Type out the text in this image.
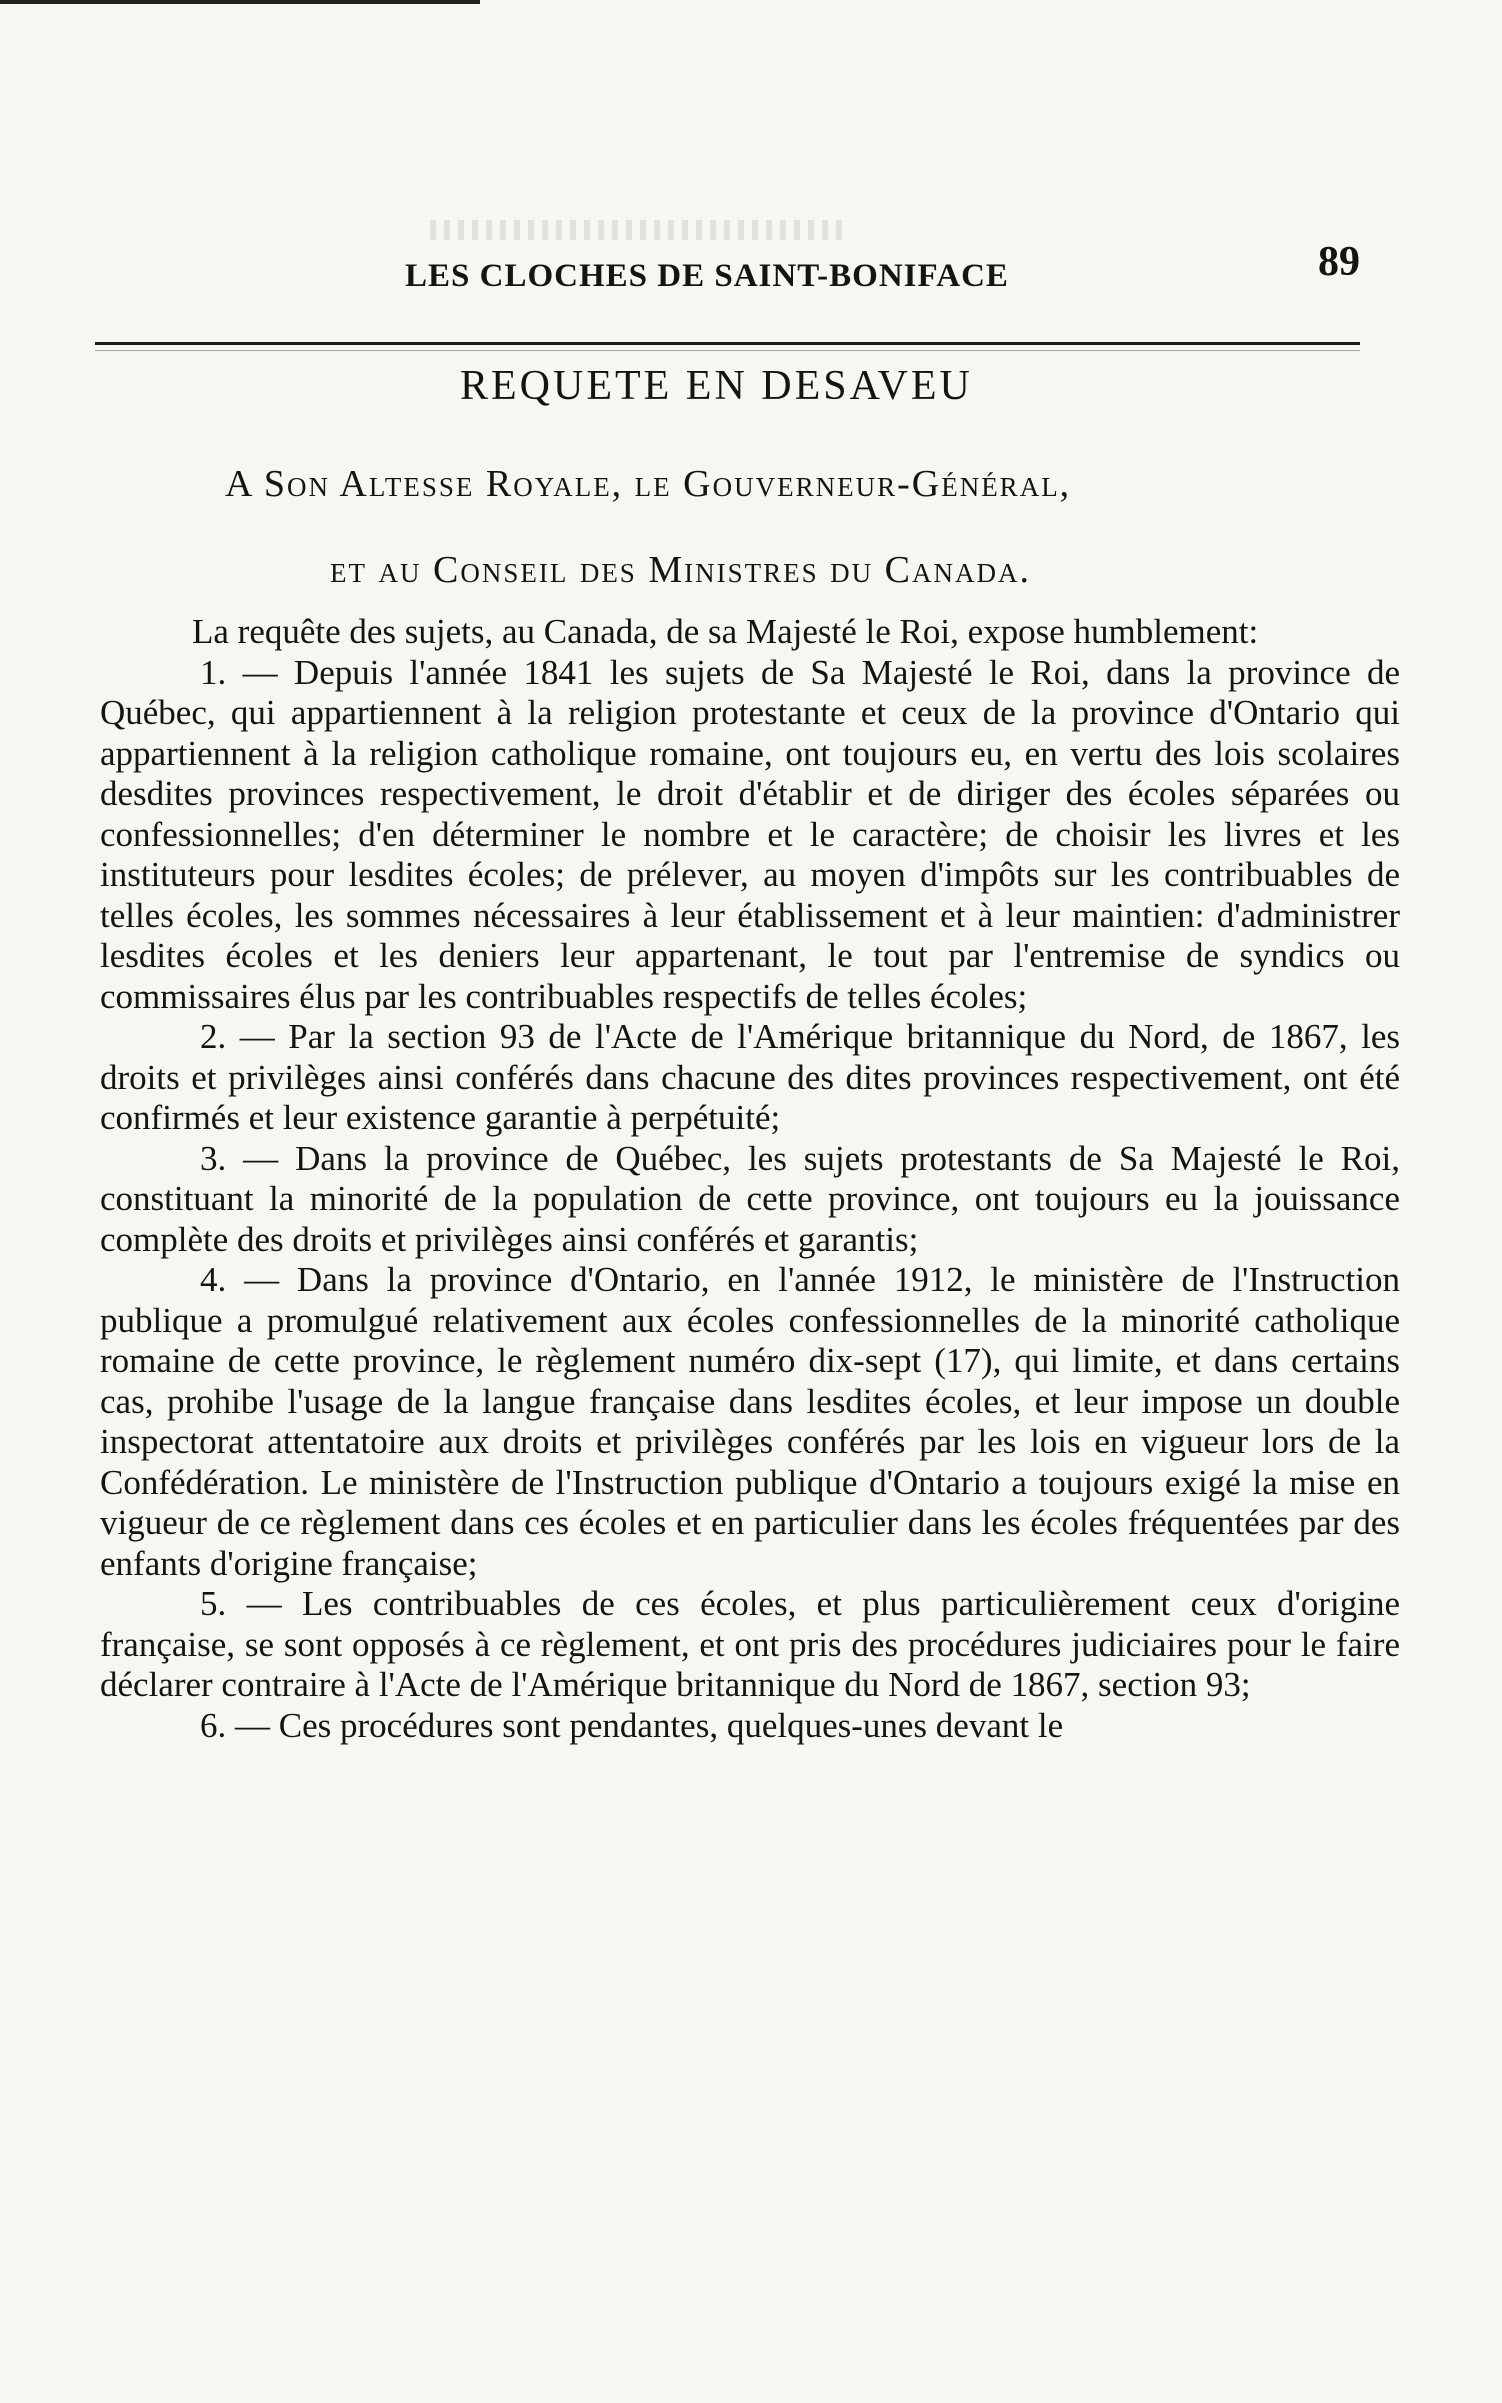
LES CLOCHES DE SAINT-BONIFACE	89
REQUETE EN DESAVEU
A Son Altesse Royale, le Gouverneur-Général,
et au Conseil des Ministres du Canada.

La requête des sujets, au Canada, de sa Majesté le Roi, expose humblement:

1. — Depuis l'année 1841 les sujets de Sa Majesté le Roi, dans la province de Québec, qui appartiennent à la religion protestante et ceux de la province d'Ontario qui appartiennent à la religion catholique romaine, ont toujours eu, en vertu des lois scolaires desdites provinces respectivement, le droit d'établir et de diriger des écoles séparées ou confessionnelles; d'en déterminer le nombre et le caractère; de choisir les livres et les instituteurs pour lesdites écoles; de prélever, au moyen d'impôts sur les contribuables de telles écoles, les sommes nécessaires à leur établissement et à leur maintien: d'administrer lesdites écoles et les deniers leur appartenant, le tout par l'entremise de syndics ou commissaires élus par les contribuables respectifs de telles écoles;

2. — Par la section 93 de l'Acte de l'Amérique britannique du Nord, de 1867, les droits et privilèges ainsi conférés dans chacune des dites provinces respectivement, ont été confirmés et leur existence garantie à perpétuité;

3. — Dans la province de Québec, les sujets protestants de Sa Majesté le Roi, constituant la minorité de la population de cette province, ont toujours eu la jouissance complète des droits et privilèges ainsi conférés et garantis;

4. — Dans la province d'Ontario, en l'année 1912, le ministère de l'Instruction publique a promulgué relativement aux écoles confessionnelles de la minorité catholique romaine de cette province, le règlement numéro dix-sept (17), qui limite, et dans certains cas, prohibe l'usage de la langue française dans lesdites écoles, et leur impose un double inspectorat attentatoire aux droits et privilèges conférés par les lois en vigueur lors de la Confédération. Le ministère de l'Instruction publique d'Ontario a toujours exigé la mise en vigueur de ce règlement dans ces écoles et en particulier dans les écoles fréquentées par des enfants d'origine française;

5. — Les contribuables de ces écoles, et plus particulièrement ceux d'origine française, se sont opposés à ce règlement, et ont pris des procédures judiciaires pour le faire déclarer contraire à l'Acte de l'Amérique britannique du Nord de 1867, section 93;

6. — Ces procédures sont pendantes, quelques-unes devant le
